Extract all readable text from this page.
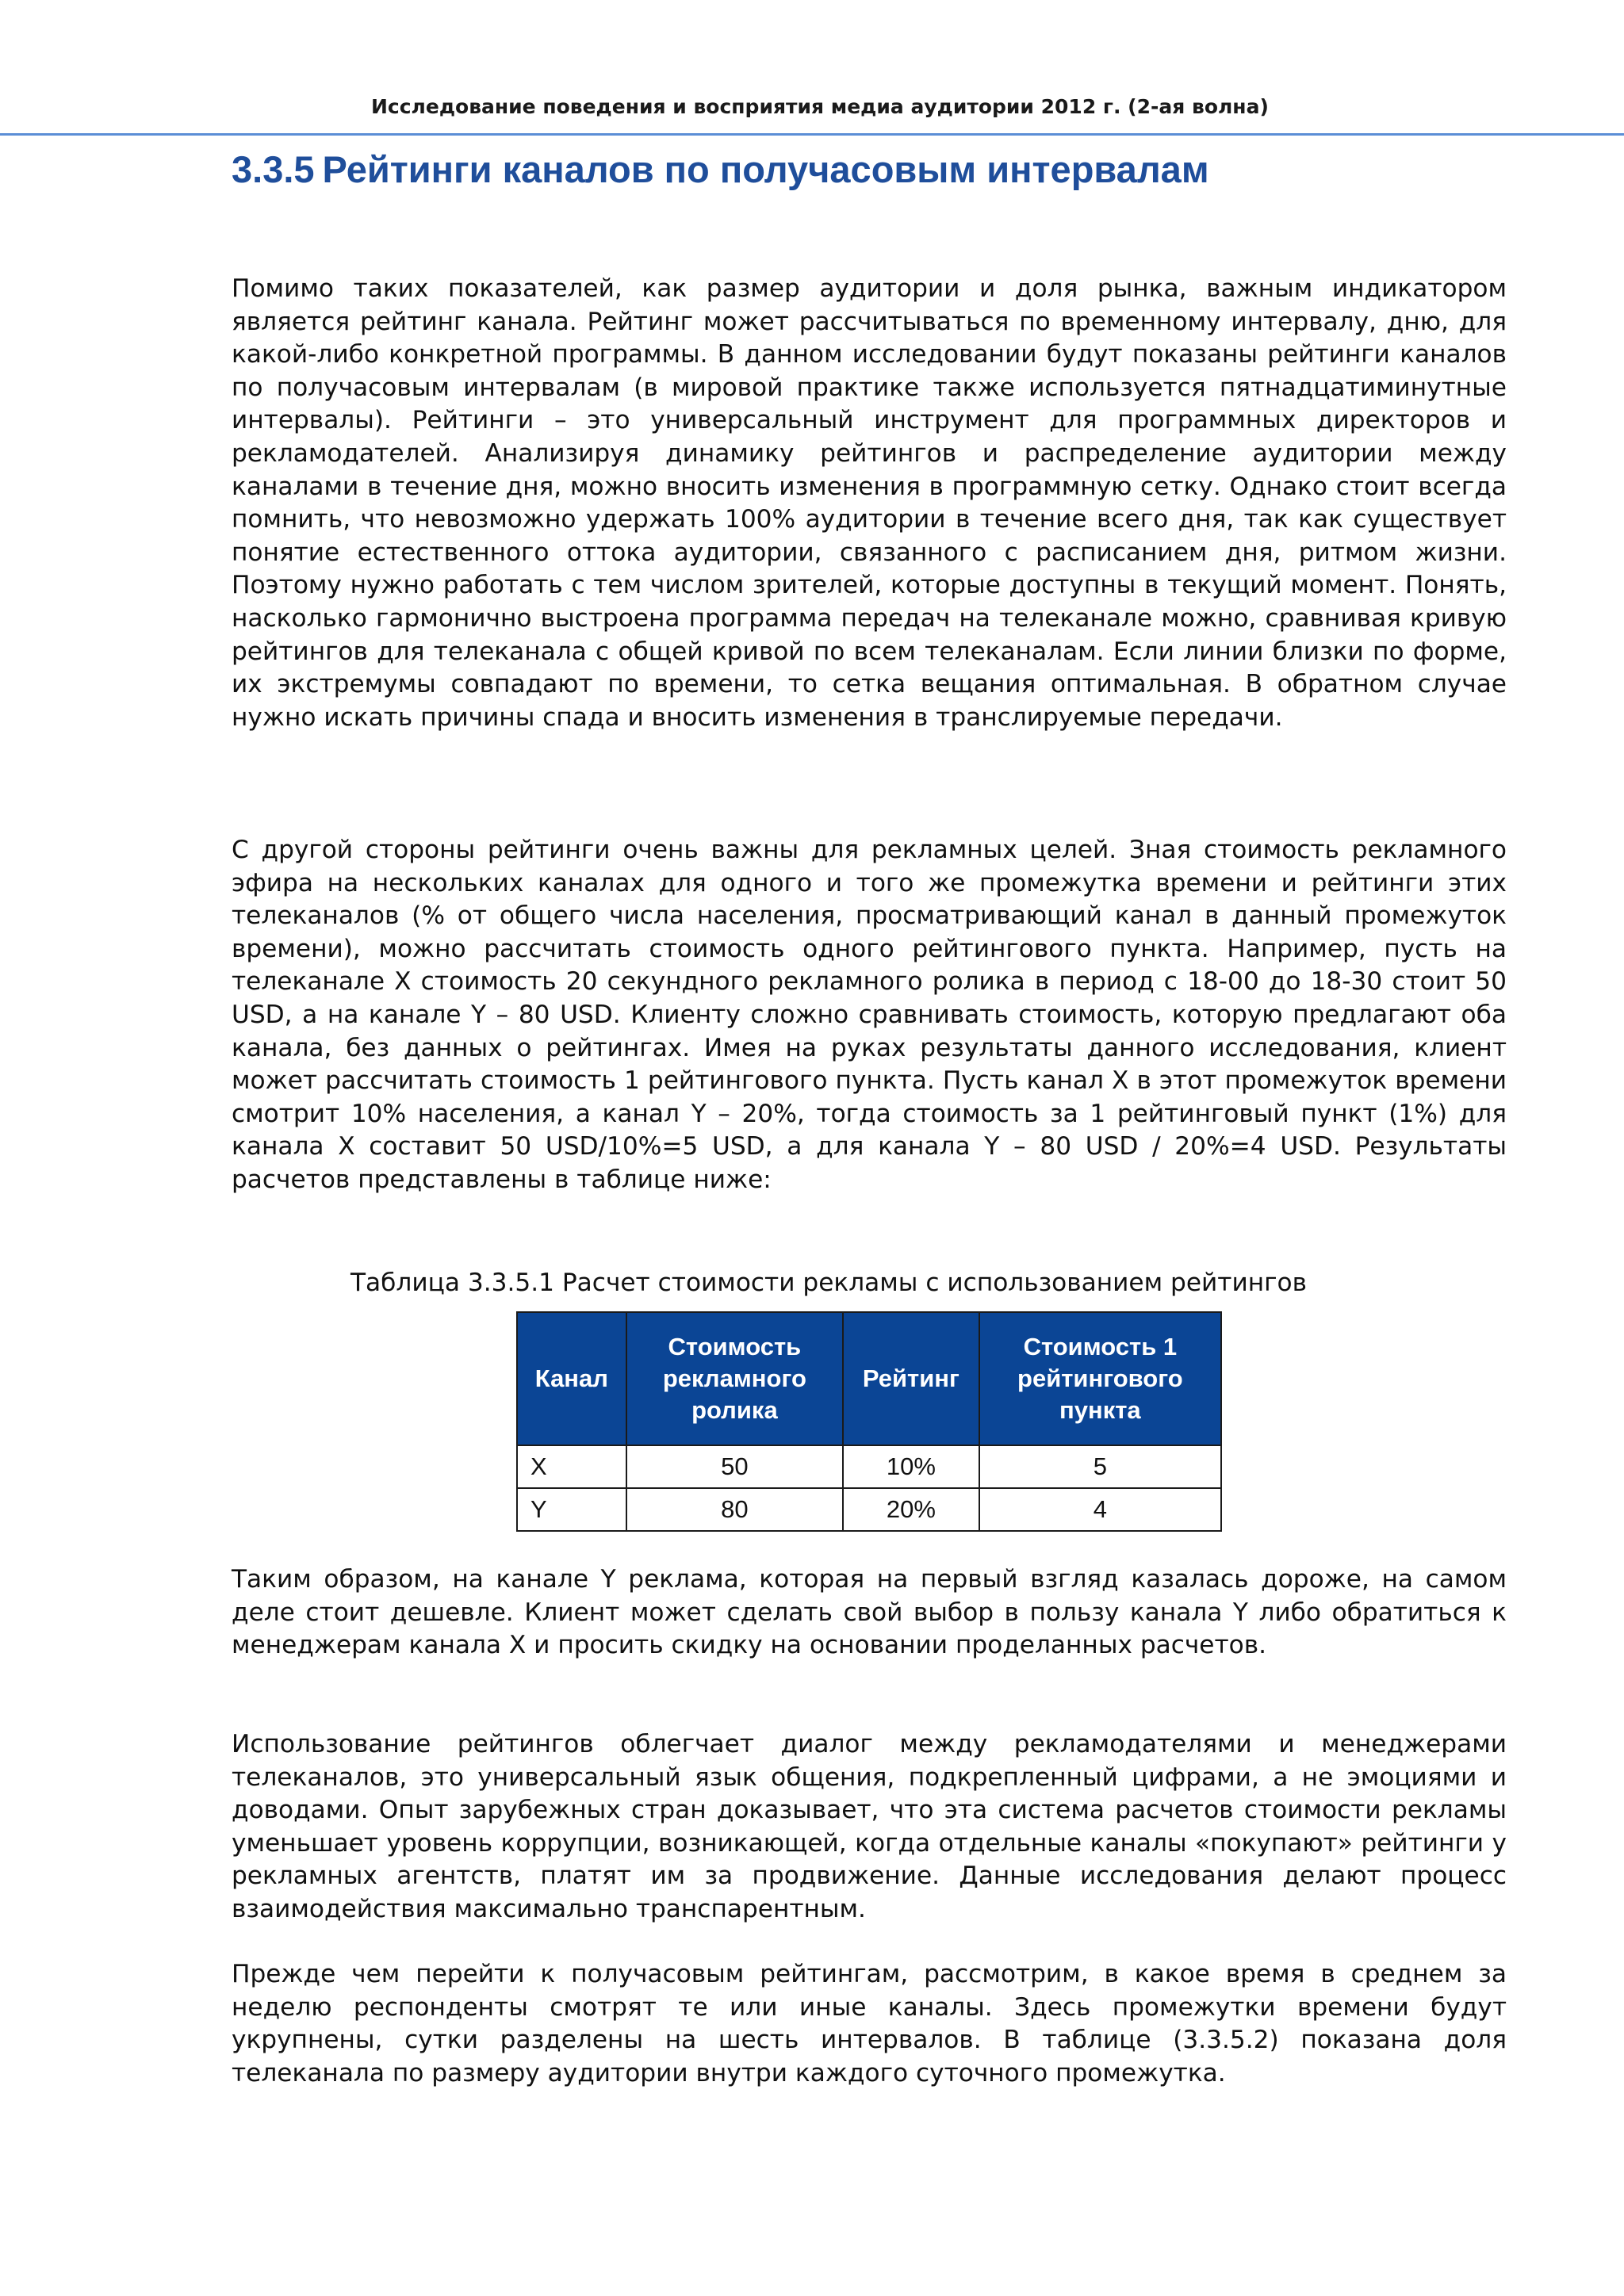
Исследование поведения и восприятия медиа аудитории 2012 г. (2-ая волна)
3.3.5 Рейтинги каналов по получасовым интервалам

Помимо таких показателей, как размер аудитории и доля рынка, важным индикатором является рейтинг канала. Рейтинг может рассчитываться по временному интервалу, дню, для какой-либо конкретной программы. В данном исследовании будут показаны рейтинги каналов по получасовым интервалам (в мировой практике также используется пятнадцатиминутные интервалы). Рейтинги – это универсальный инструмент для программных директоров и рекламодателей. Анализируя динамику рейтингов и распределение аудитории между каналами в течение дня, можно вносить изменения в программную сетку. Однако стоит всегда помнить, что невозможно удержать 100% аудитории в течение всего дня, так как существует понятие естественного оттока аудитории, связанного с расписанием дня, ритмом жизни. Поэтому нужно работать с тем числом зрителей, которые доступны в текущий момент. Понять, насколько гармонично выстроена программа передач на телеканале можно, сравнивая кривую рейтингов для телеканала с общей кривой по всем телеканалам. Если линии близки по форме, их экстремумы совпадают по времени, то сетка вещания оптимальная. В обратном случае нужно искать причины спада и вносить изменения в транслируемые передачи.

С другой стороны рейтинги очень важны для рекламных целей. Зная стоимость рекламного эфира на нескольких каналах для одного и того же промежутка времени и рейтинги этих телеканалов (% от общего числа населения, просматривающий канал в данный промежуток времени), можно рассчитать стоимость одного рейтингового пункта. Например, пусть на телеканале X стоимость 20 секундного рекламного ролика в период с 18-00 до 18-30 стоит 50 USD, а на канале Y – 80 USD. Клиенту сложно сравнивать стоимость, которую предлагают оба канала, без данных о рейтингах. Имея на руках результаты данного исследования, клиент может рассчитать стоимость 1 рейтингового пункта. Пусть канал X в этот промежуток времени смотрит 10% населения, а канал Y – 20%, тогда стоимость за 1 рейтинговый пункт (1%) для канала X составит 50 USD/10%=5 USD, а для канала Y – 80 USD / 20%=4 USD. Результаты расчетов представлены в таблице ниже:

Таблица 3.3.5.1 Расчет стоимости рекламы с использованием рейтингов
Канал	Стоимость рекламного ролика	Рейтинг	Стоимость 1 рейтингового пункта
X	50	10%	5
Y	80	20%	4

Таким образом, на канале Y реклама, которая на первый взгляд казалась дороже, на самом деле стоит дешевле. Клиент может сделать свой выбор в пользу канала Y либо обратиться к менеджерам канала X и просить скидку на основании проделанных расчетов.

Использование рейтингов облегчает диалог между рекламодателями и менеджерами телеканалов, это универсальный язык общения, подкрепленный цифрами, а не эмоциями и доводами. Опыт зарубежных стран доказывает, что эта система расчетов стоимости рекламы уменьшает уровень коррупции, возникающей, когда отдельные каналы «покупают» рейтинги у рекламных агентств, платят им за продвижение. Данные исследования делают процесс взаимодействия максимально транспарентным.

Прежде чем перейти к получасовым рейтингам, рассмотрим, в какое время в среднем за неделю респонденты смотрят те или иные каналы. Здесь промежутки времени будут укрупнены, сутки разделены на шесть интервалов. В таблице (3.3.5.2) показана доля телеканала по размеру аудитории внутри каждого суточного промежутка.
